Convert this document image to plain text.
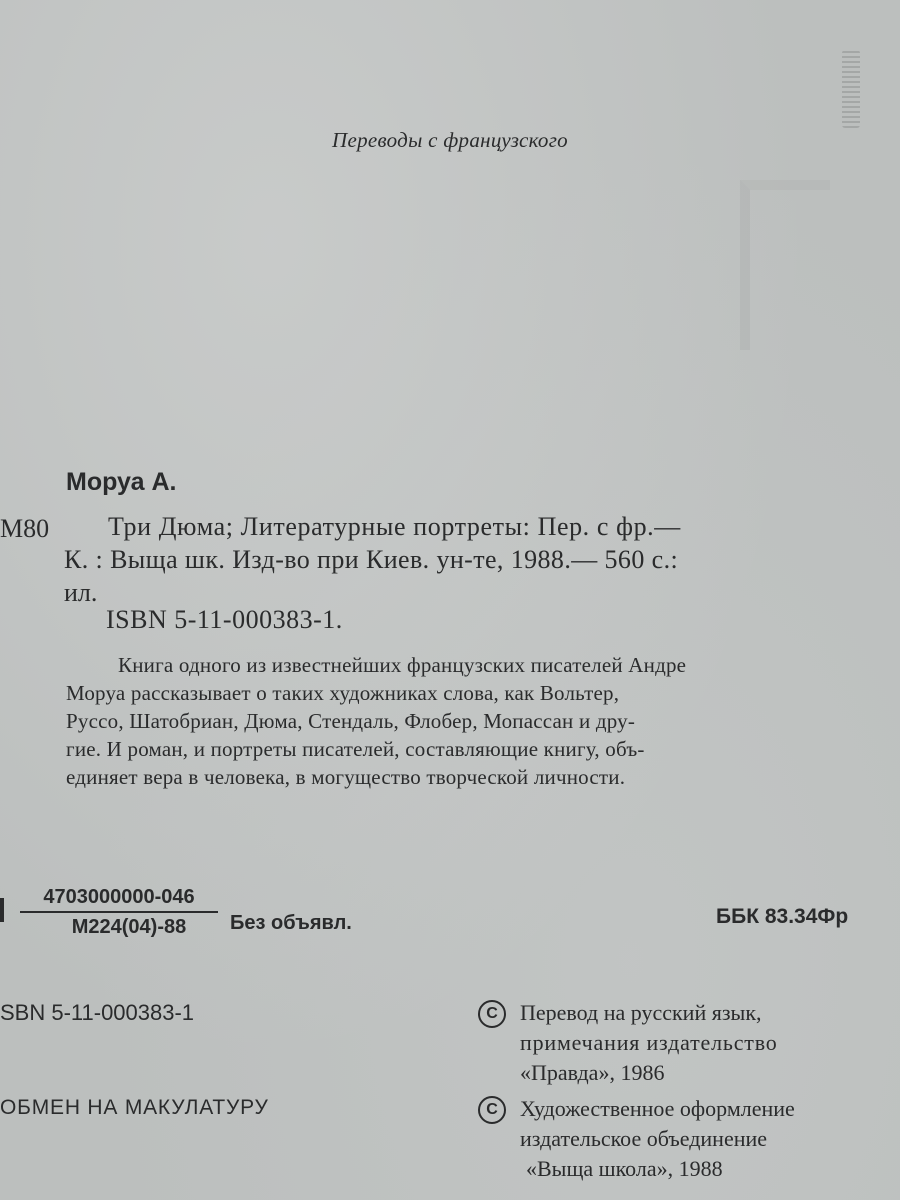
Переводы с французского
Моруа А.
М80 Три Дюма; Литературные портреты: Пер. с фр.—
К. : Выща шк. Изд-во при Киев. ун-те, 1988.— 560 с.:
ил.
ISBN 5-11-000383-1.
Книга одного из известнейших французских писателей Андре
Моруа рассказывает о таких художниках слова, как Вольтер,
Руссо, Шатобриан, Дюма, Стендаль, Флобер, Мопассан и дру-
гие. И роман, и портреты писателей, составляющие книгу, объ-
единяет вера в человека, в могущество творческой личности.
4703000000-046
М224(04)-88	Без объявл.	ББК 83.34Фр
SBN 5-11-000383-1
ОБМЕН НА МАКУЛАТУРУ
C	Перевод на русский язык,
примечания издательство
«Правда», 1986
C	Художественное оформление
издательское объединение
«Выща школа», 1988
